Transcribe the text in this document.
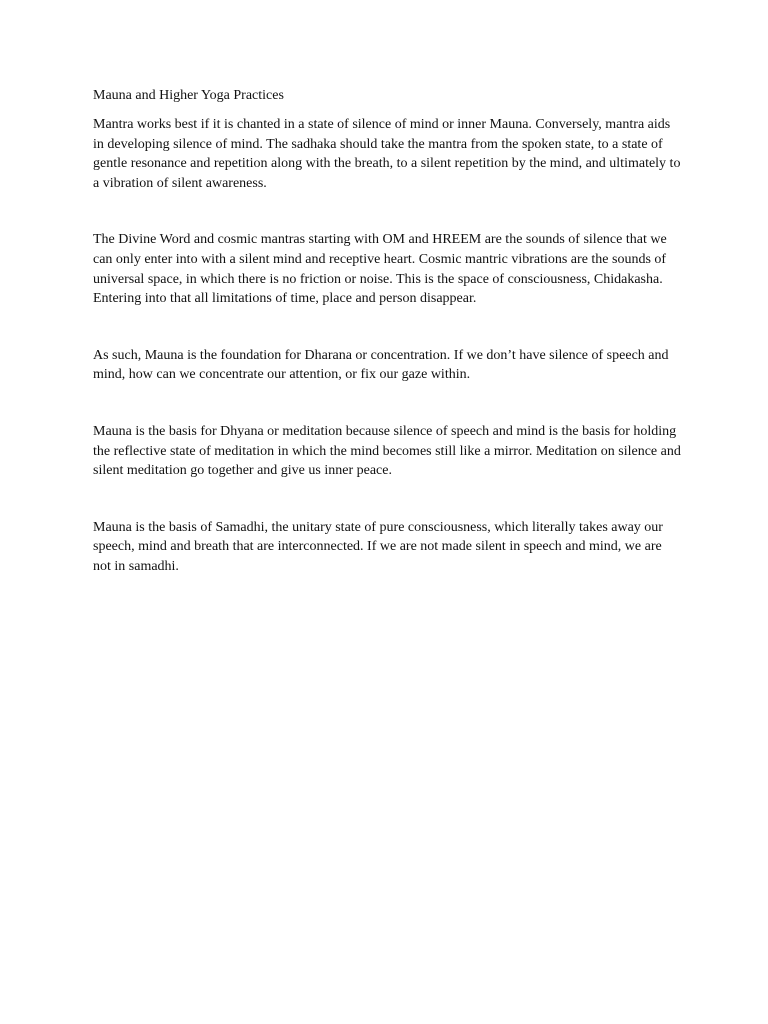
Mauna and Higher Yoga Practices

Mantra works best if it is chanted in a state of silence of mind or inner Mauna. Conversely, mantra aids in developing silence of mind. The sadhaka should take the mantra from the spoken state, to a state of gentle resonance and repetition along with the breath, to a silent repetition by the mind, and ultimately to a vibration of silent awareness.

The Divine Word and cosmic mantras starting with OM and HREEM are the sounds of silence that we can only enter into with a silent mind and receptive heart. Cosmic mantric vibrations are the sounds of universal space, in which there is no friction or noise. This is the space of consciousness, Chidakasha. Entering into that all limitations of time, place and person disappear.

As such, Mauna is the foundation for Dharana or concentration. If we don’t have silence of speech and mind, how can we concentrate our attention, or fix our gaze within.

Mauna is the basis for Dhyana or meditation because silence of speech and mind is the basis for holding the reflective state of meditation in which the mind becomes still like a mirror. Meditation on silence and silent meditation go together and give us inner peace.

Mauna is the basis of Samadhi, the unitary state of pure consciousness, which literally takes away our speech, mind and breath that are interconnected. If we are not made silent in speech and mind, we are not in samadhi.
